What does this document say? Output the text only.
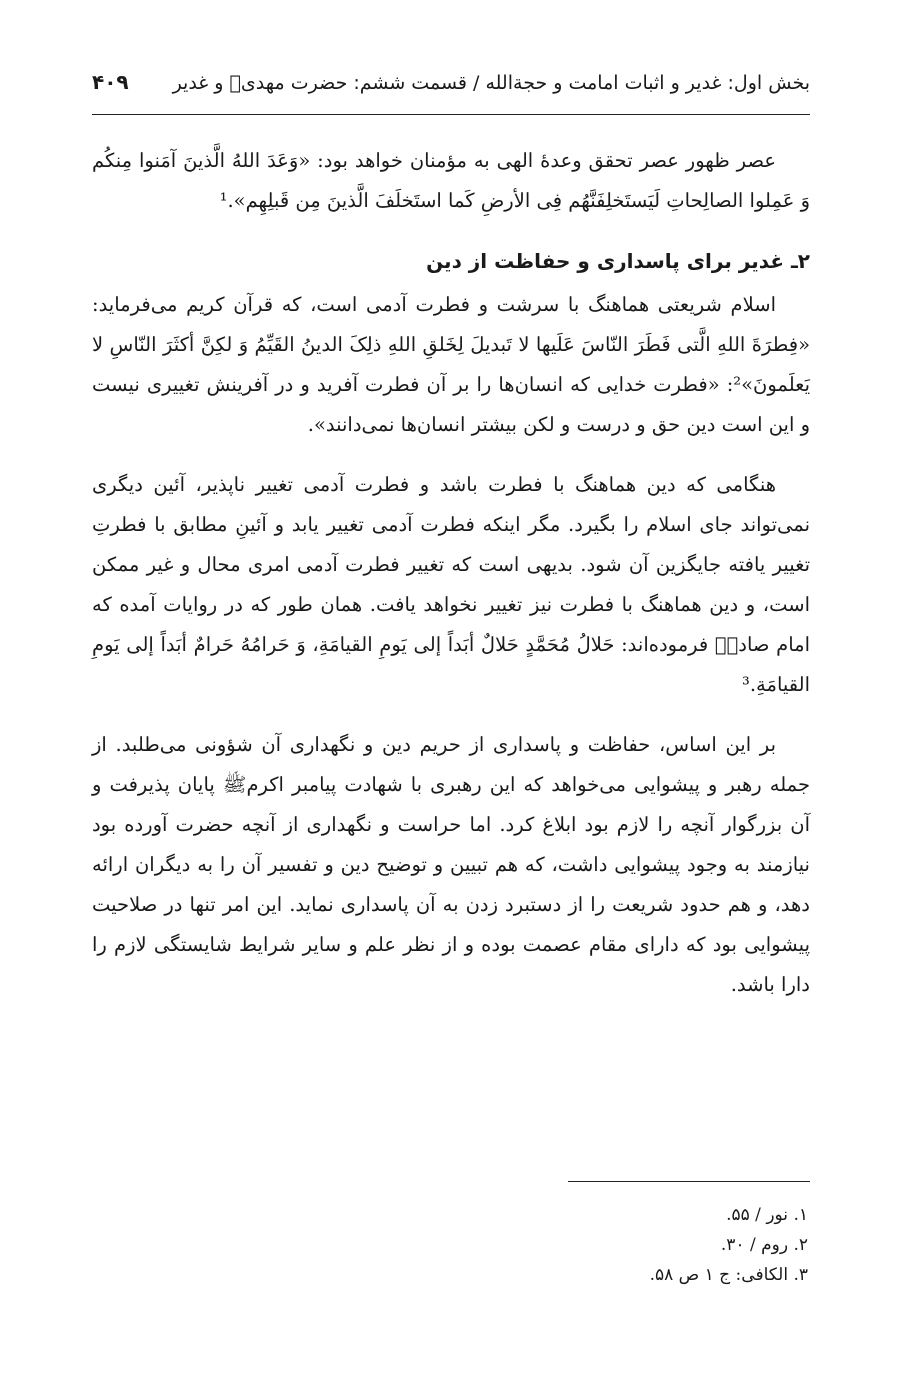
بخش اول: غدیر و اثبات امامت و حجةالله / قسمت ششم: حضرت مهدیؑ و غدیر
۴۰۹

عصر ظهور عصر تحقق وعدهٔ الهی به مؤمنان خواهد بود: «وَعَدَ اللهُ الَّذینَ آمَنوا مِنکُم وَ عَمِلوا الصالِحاتِ لَیَستَخلِفَنَّهُم فِی الأرضِ کَما استَخلَفَ الَّذینَ مِن قَبلِهِم».¹

۲ـ غدیر برای پاسداری و حفاظت از دین

اسلام شریعتی هماهنگ با سرشت و فطرت آدمی است، که قرآن کریم می‌فرماید: «فِطرَةَ اللهِ الَّتی فَطَرَ النّاسَ عَلَیها لا تَبدیلَ لِخَلقِ اللهِ ذلِکَ الدینُ القَیِّمُ وَ لکِنَّ أکثَرَ النّاسِ لا یَعلَمونَ»²: «فطرت خدایی که انسان‌ها را بر آن فطرت آفرید و در آفرینش تغییری نیست و این است دین حق و درست و لکن بیشتر انسان‌ها نمی‌دانند».

هنگامی که دین هماهنگ با فطرت باشد و فطرت آدمی تغییر ناپذیر، آئین دیگری نمی‌تواند جای اسلام را بگیرد. مگر اینکه فطرت آدمی تغییر یابد و آئینِ مطابق با فطرتِ تغییر یافته جایگزین آن شود. بدیهی است که تغییر فطرت آدمی امری محال و غیر ممکن است، و دین هماهنگ با فطرت نیز تغییر نخواهد یافت. همان طور که در روایات آمده که امام صادقؑ فرموده‌اند: حَلالُ مُحَمَّدٍ حَلالٌ أبَداً إلی یَومِ القیامَةِ، وَ حَرامُهُ حَرامٌ أبَداً إلی یَومِ القیامَةِ.³

بر این اساس، حفاظت و پاسداری از حریم دین و نگهداری آن شؤونی می‌طلبد. از جمله رهبر و پیشوایی می‌خواهد که این رهبری با شهادت پیامبر اکرمﷺ پایان پذیرفت و آن بزرگوار آنچه را لازم بود ابلاغ کرد. اما حراست و نگهداری از آنچه حضرت آورده بود نیازمند به وجود پیشوایی داشت، که هم تبیین و توضیح دین و تفسیر آن را به دیگران ارائه دهد، و هم حدود شریعت را از دستبرد زدن به آن پاسداری نماید. این امر تنها در صلاحیت پیشوایی بود که دارای مقام عصمت بوده و از نظر علم و سایر شرایط شایستگی لازم را دارا باشد.

۱. نور / ۵۵.
۲. روم / ۳۰.
۳. الکافی: ج ۱ ص ۵۸.
